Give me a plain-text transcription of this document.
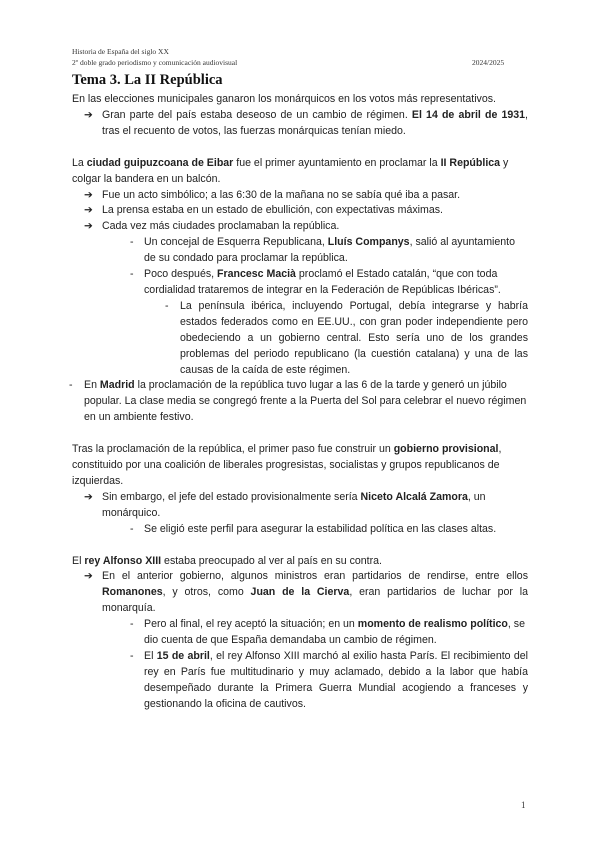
Historia de España del siglo XX
2º doble grado periodismo y comunicación audiovisual	2024/2025
Tema 3. La II República

En las elecciones municipales ganaron los monárquicos en los votos más representativos.

➔ Gran parte del país estaba deseoso de un cambio de régimen. El 14 de abril de 1931, tras el recuento de votos, las fuerzas monárquicas tenían miedo.

La ciudad guipuzcoana de Eibar fue el primer ayuntamiento en proclamar la II República y colgar la bandera en un balcón.

➔ Fue un acto simbólico; a las 6:30 de la mañana no se sabía qué iba a pasar.
➔ La prensa estaba en un estado de ebullición, con expectativas máximas.
➔ Cada vez más ciudades proclamaban la república.
- Un concejal de Esquerra Republicana, Lluís Companys, salió al ayuntamiento de su condado para proclamar la república.
- Poco después, Francesc Macià proclamó el Estado catalán, “que con toda cordialidad trataremos de integrar en la Federación de Repúblicas Ibéricas”.
- La península ibérica, incluyendo Portugal, debía integrarse y habría estados federados como en EE.UU., con gran poder independiente pero obedeciendo a un gobierno central. Esto sería uno de los grandes problemas del periodo republicano (la cuestión catalana) y una de las causas de la caída de este régimen.
- En Madrid la proclamación de la república tuvo lugar a las 6 de la tarde y generó un júbilo popular. La clase media se congregó frente a la Puerta del Sol para celebrar el nuevo régimen en un ambiente festivo.

Tras la proclamación de la república, el primer paso fue construir un gobierno provisional, constituido por una coalición de liberales progresistas, socialistas y grupos republicanos de izquierdas.

➔ Sin embargo, el jefe del estado provisionalmente sería Niceto Alcalá Zamora, un monárquico.
- Se eligió este perfil para asegurar la estabilidad política en las clases altas.

El rey Alfonso XIII estaba preocupado al ver al país en su contra.

➔ En el anterior gobierno, algunos ministros eran partidarios de rendirse, entre ellos Romanones, y otros, como Juan de la Cierva, eran partidarios de luchar por la monarquía.
- Pero al final, el rey aceptó la situación; en un momento de realismo político, se dio cuenta de que España demandaba un cambio de régimen.
- El 15 de abril, el rey Alfonso XIII marchó al exilio hasta París. El recibimiento del rey en París fue multitudinario y muy aclamado, debido a la labor que había desempeñado durante la Primera Guerra Mundial acogiendo a franceses y gestionando la oficina de cautivos.
1
